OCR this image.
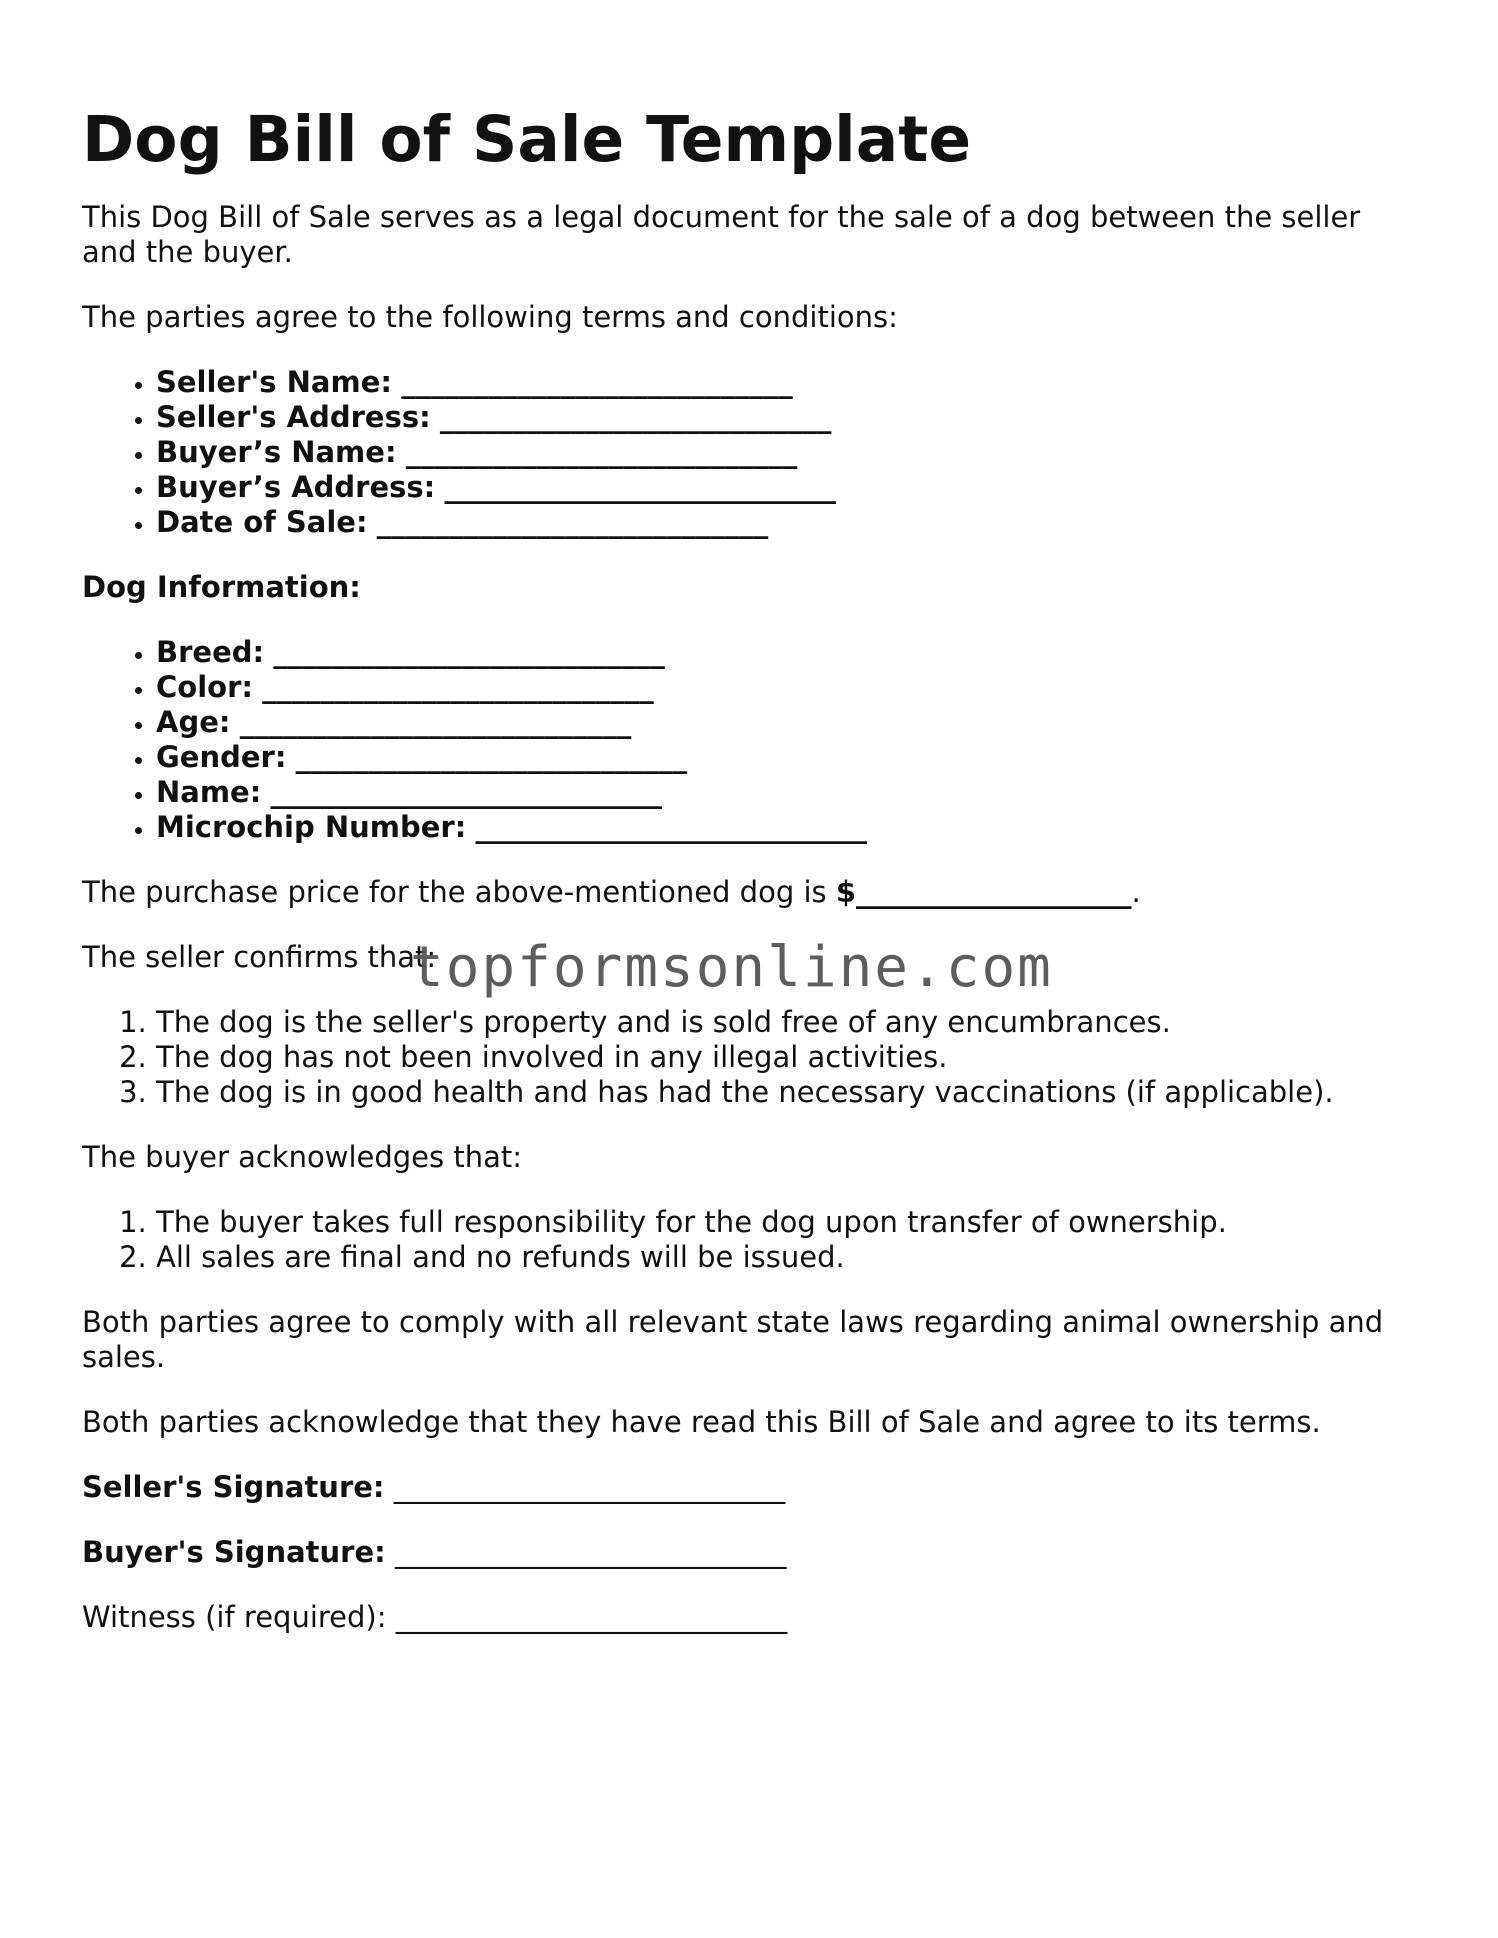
Dog Bill of Sale Template

This Dog Bill of Sale serves as a legal document for the sale of a dog between the seller and the buyer.

The parties agree to the following terms and conditions:

• Seller's Name: ___________________________
• Seller's Address: ___________________________
• Buyer’s Name: ___________________________
• Buyer’s Address: ___________________________
• Date of Sale: ___________________________

Dog Information:

• Breed: ___________________________
• Color: ___________________________
• Age: ___________________________
• Gender: ___________________________
• Name: ___________________________
• Microchip Number: ___________________________

The purchase price for the above-mentioned dog is $___________________.

The seller confirms that:

1. The dog is the seller's property and is sold free of any encumbrances.
2. The dog has not been involved in any illegal activities.
3. The dog is in good health and has had the necessary vaccinations (if applicable).

The buyer acknowledges that:

1. The buyer takes full responsibility for the dog upon transfer of ownership.
2. All sales are final and no refunds will be issued.

Both parties agree to comply with all relevant state laws regarding animal ownership and sales.

Both parties acknowledge that they have read this Bill of Sale and agree to its terms.

Seller's Signature: ___________________________

Buyer's Signature: ___________________________

Witness (if required): ___________________________

topformsonline.com
